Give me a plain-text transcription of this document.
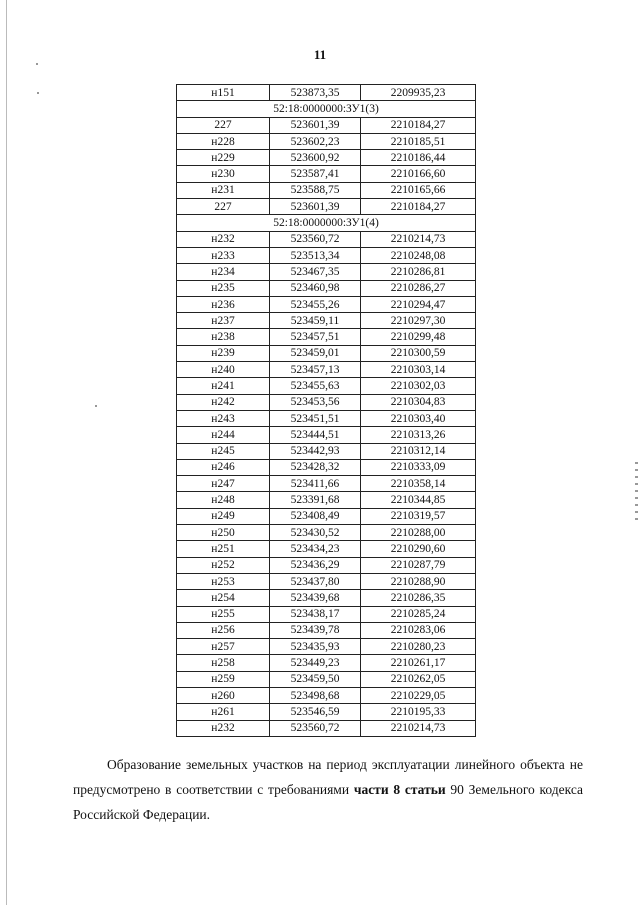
11
н151	523873,35	2209935,23
52:18:0000000:ЗУ1(3)		
227	523601,39	2210184,27
н228	523602,23	2210185,51
н229	523600,92	2210186,44
н230	523587,41	2210166,60
н231	523588,75	2210165,66
227	523601,39	2210184,27
52:18:0000000:ЗУ1(4)		
н232	523560,72	2210214,73
н233	523513,34	2210248,08
н234	523467,35	2210286,81
н235	523460,98	2210286,27
н236	523455,26	2210294,47
н237	523459,11	2210297,30
н238	523457,51	2210299,48
н239	523459,01	2210300,59
н240	523457,13	2210303,14
н241	523455,63	2210302,03
н242	523453,56	2210304,83
н243	523451,51	2210303,40
н244	523444,51	2210313,26
н245	523442,93	2210312,14
н246	523428,32	2210333,09
н247	523411,66	2210358,14
н248	523391,68	2210344,85
н249	523408,49	2210319,57
н250	523430,52	2210288,00
н251	523434,23	2210290,60
н252	523436,29	2210287,79
н253	523437,80	2210288,90
н254	523439,68	2210286,35
н255	523438,17	2210285,24
н256	523439,78	2210283,06
н257	523435,93	2210280,23
н258	523449,23	2210261,17
н259	523459,50	2210262,05
н260	523498,68	2210229,05
н261	523546,59	2210195,33
н232	523560,72	2210214,73

Образование земельных участков на период эксплуатации линейного объекта не предусмотрено в соответствии с требованиями части 8 статьи 90 Земельного кодекса Российской Федерации.
